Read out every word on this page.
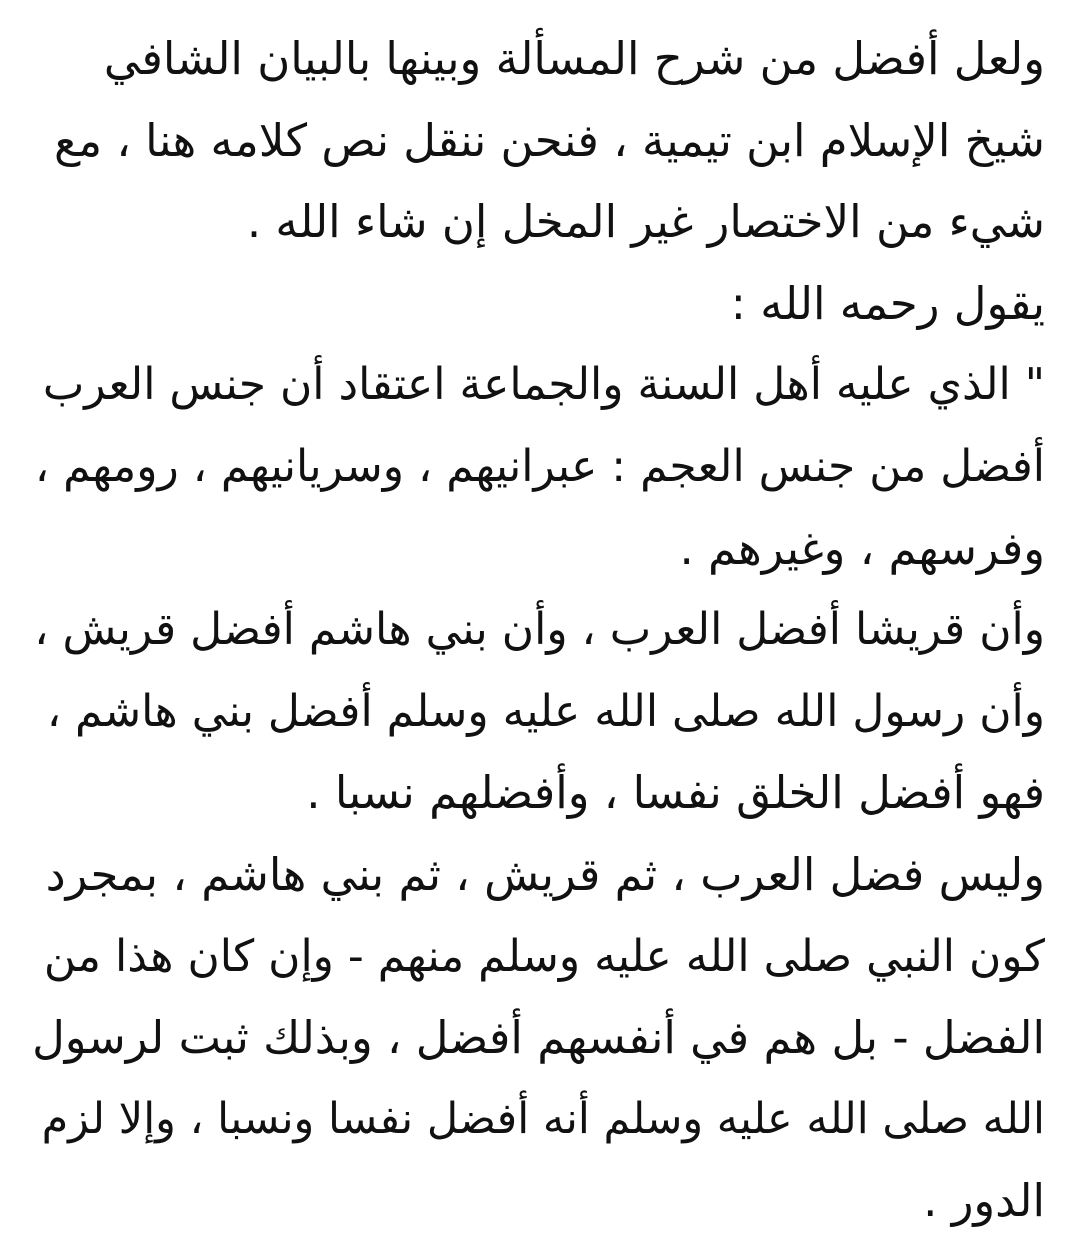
ولعل أفضل من شرح المسألة وبينها بالبيان الشافي
شيخ الإسلام ابن تيمية ، فنحن ننقل نص كلامه هنا ، مع
شيء من الاختصار غير المخل إن شاء الله .
يقول رحمه الله :
" الذي عليه أهل السنة والجماعة اعتقاد أن جنس العرب
أفضل من جنس العجم : عبرانيهم ، وسريانيهم ، رومهم ،
وفرسهم ، وغيرهم .
وأن قريشا أفضل العرب ، وأن بني هاشم أفضل قريش ،
وأن رسول الله صلى الله عليه وسلم أفضل بني هاشم ،
فهو أفضل الخلق نفسا ، وأفضلهم نسبا .
وليس فضل العرب ، ثم قريش ، ثم بني هاشم ، بمجرد
كون النبي صلى الله عليه وسلم منهم - وإن كان هذا من
الفضل - بل هم في أنفسهم أفضل ، وبذلك ثبت لرسول
الله صلى الله عليه وسلم أنه أفضل نفسا ونسبا ، وإلا لزم
الدور .
